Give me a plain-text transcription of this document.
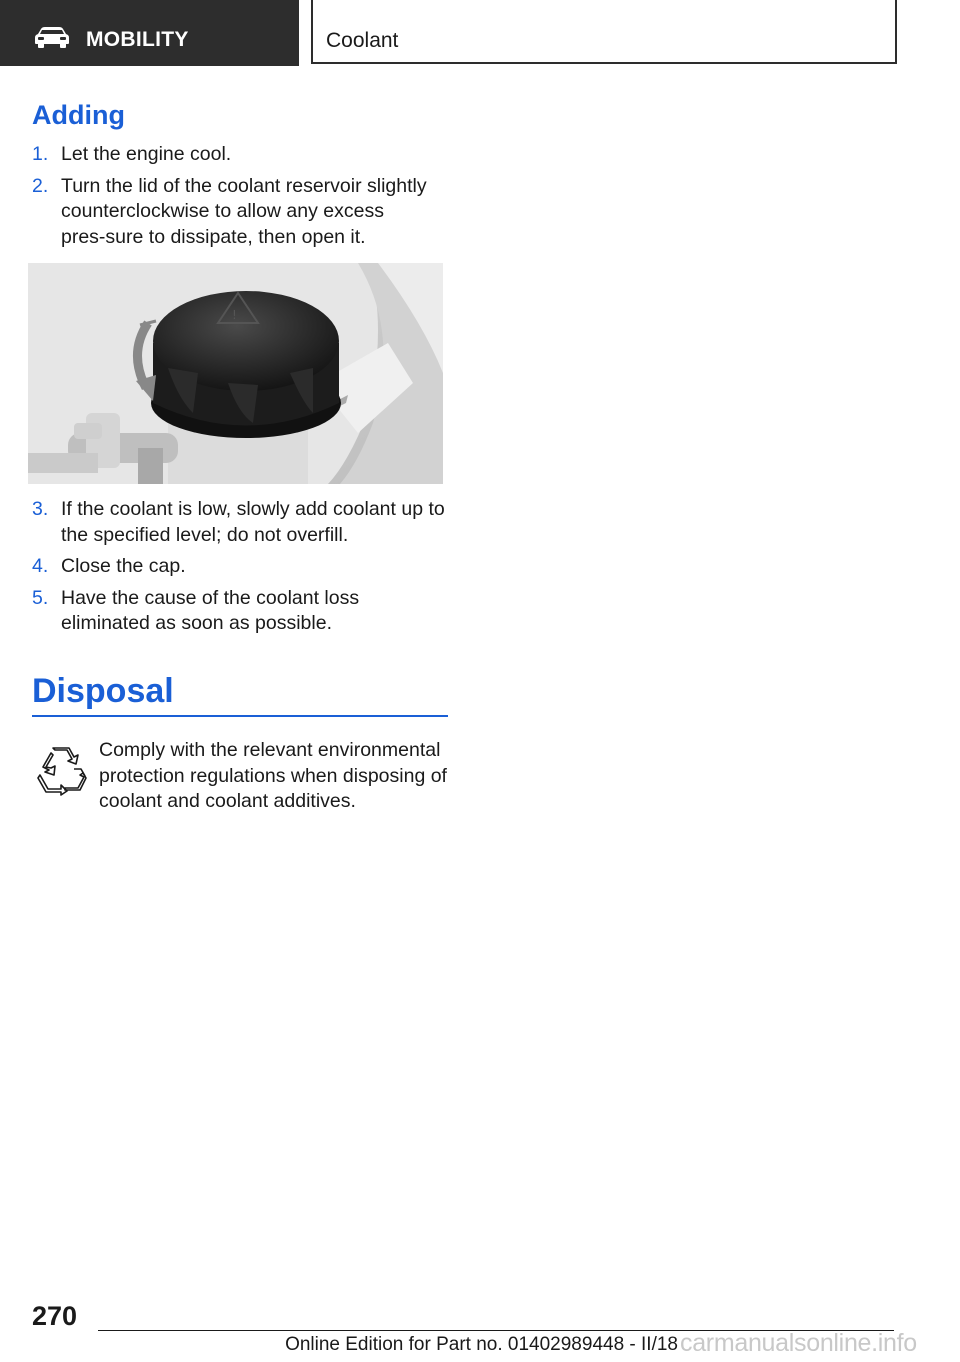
MOBILITY	Coolant
Adding
1. Let the engine cool.
2. Turn the lid of the coolant reservoir slightly counterclockwise to allow any excess pres‑sure to dissipate, then open it.
!
3. If the coolant is low, slowly add coolant up to the specified level; do not overfill.
4. Close the cap.
5. Have the cause of the coolant loss eliminated as soon as possible.
Disposal
Comply with the relevant environmental protection regulations when disposing of coolant and coolant additives.
270
Online Edition for Part no. 01402989448 - II/18 carmanualsonline.info
